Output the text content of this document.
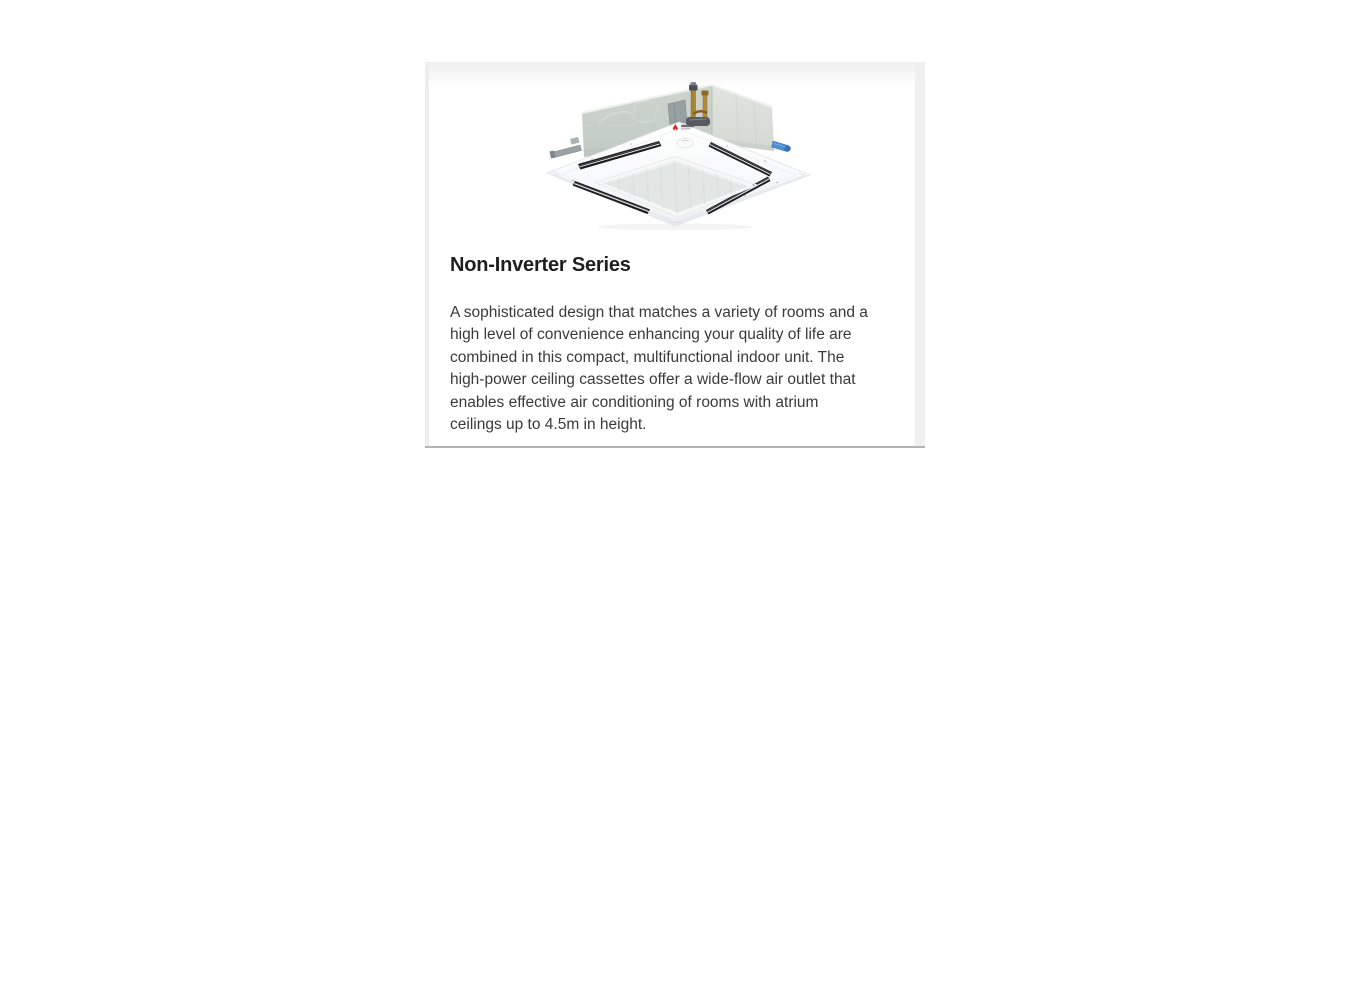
Non-Inverter Series
A sophisticated design that matches a variety of rooms and a
high level of convenience enhancing your quality of life are
combined in this compact, multifunctional indoor unit. The
high-power ceiling cassettes offer a wide-flow air outlet that
enables effective air conditioning of rooms with atrium
ceilings up to 4.5m in height.
